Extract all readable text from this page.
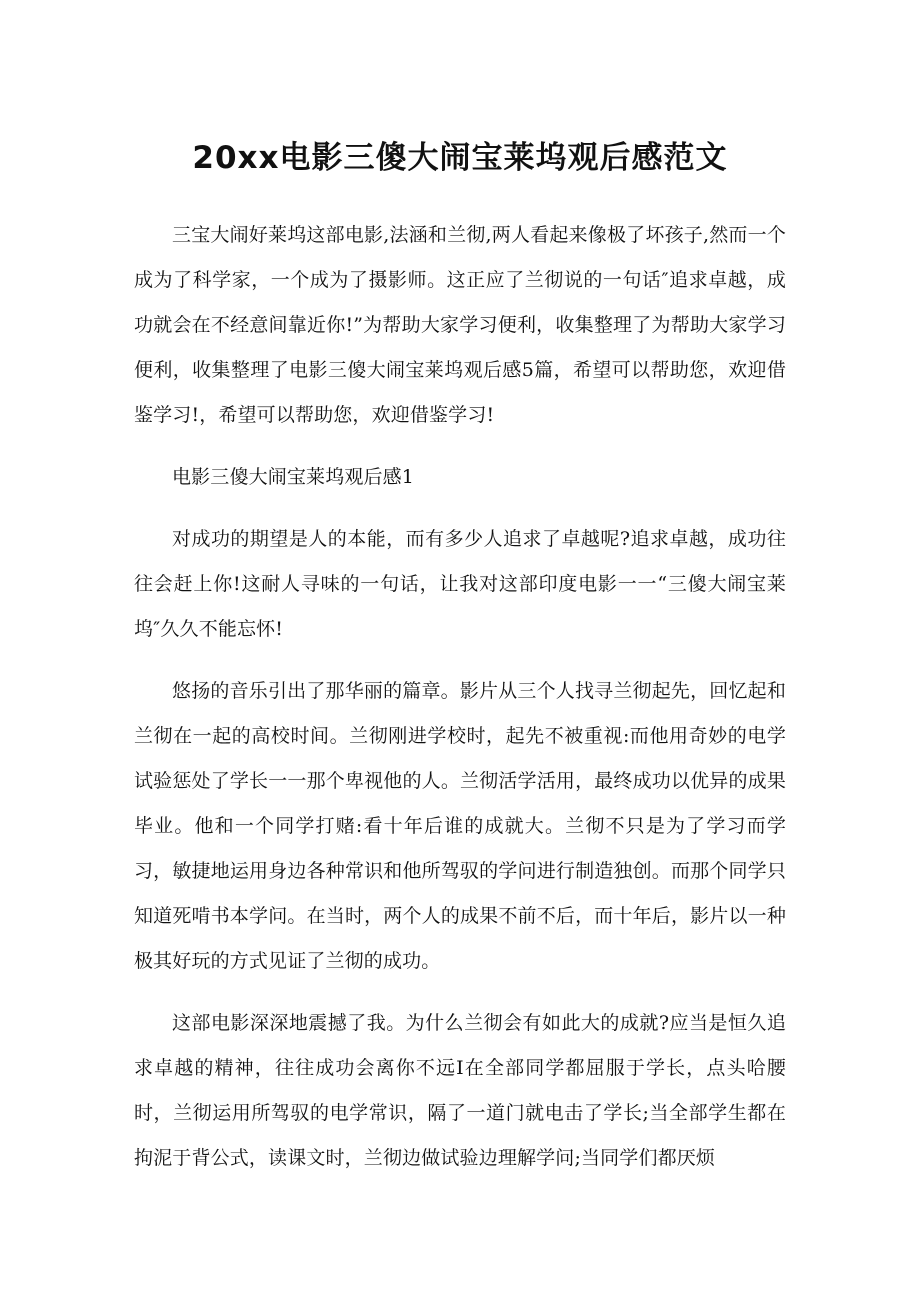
20xx电影三傻大闹宝莱坞观后感范文

三宝大闹好莱坞这部电影,法涵和兰彻,两人看起来像极了坏孩子,然而一个成为了科学家，一个成为了摄影师。这正应了兰彻说的一句话″追求卓越，成功就会在不经意间靠近你!”为帮助大家学习便利，收集整理了为帮助大家学习便利，收集整理了电影三傻大闹宝莱坞观后感5篇，希望可以帮助您，欢迎借鉴学习!，希望可以帮助您，欢迎借鉴学习!

电影三傻大闹宝莱坞观后感1

对成功的期望是人的本能，而有多少人追求了卓越呢?追求卓越，成功往往会赶上你!这耐人寻味的一句话，让我对这部印度电影一一“三傻大闹宝莱坞″久久不能忘怀!

悠扬的音乐引出了那华丽的篇章。影片从三个人找寻兰彻起先，回忆起和兰彻在一起的高校时间。兰彻刚进学校时，起先不被重视:而他用奇妙的电学试验惩处了学长一一那个卑视他的人。兰彻活学活用，最终成功以优异的成果毕业。他和一个同学打赌:看十年后谁的成就大。兰彻不只是为了学习而学习，敏捷地运用身边各种常识和他所驾驭的学问进行制造独创。而那个同学只知道死啃书本学问。在当时，两个人的成果不前不后，而十年后，影片以一种极其好玩的方式见证了兰彻的成功。

这部电影深深地震撼了我。为什么兰彻会有如此大的成就?应当是恒久追求卓越的精神，往往成功会离你不远I在全部同学都屈服于学长，点头哈腰时，兰彻运用所驾驭的电学常识，隔了一道门就电击了学长;当全部学生都在拘泥于背公式，读课文时，兰彻边做试验边理解学问;当同学们都厌烦
